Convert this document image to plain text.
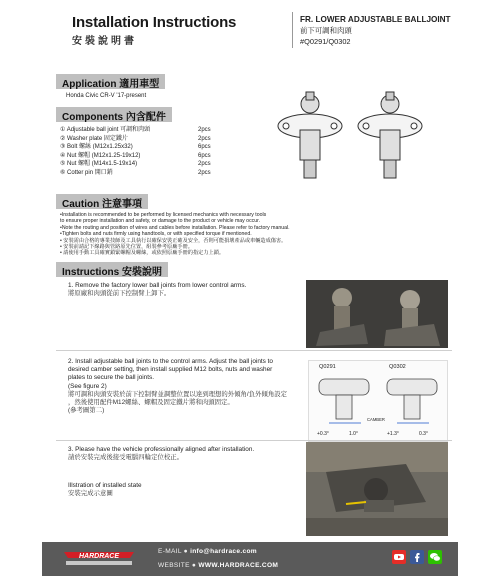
Installation Instructions
安裝說明書
FR. LOWER ADJUSTABLE BALLJOINT
前下可調和肉頭
#Q0291/Q0302
Application 適用車型
Honda Civic CR-V '17-present
Components 內含配件
① Adjustable ball joint 可調和肉頭	2pcs
② Washer plate 固定鐵片	2pcs
③ Bolt 螺絲 (M12x1.25x32)	6pcs
④ Nut 螺帽 (M12x1.25-19x12)	6pcs
⑤ Nut 螺帽 (M14x1.5-19x14)	2pcs
⑥ Cotter pin 開口銷	2pcs
Caution 注意事項
•Installation is recommended to be performed by licensed mechanics with necessary tools
to ensure proper installation and safety, or damage to the product or vehicle may occur.
•Note the routing and position of wires and cables before installation. Please refer to factory manual.
•Tighten bolts and nuts firmly using handtools, or with specified torque if mentioned.
• 安裝需由合格的專業技師及工具執行以確保安裝正確及安全，否則可能損壞產品或車輛造成傷害。
• 安裝前請記下線路與管路原先位置，組裝參考原廠手冊。
• 請使用手動工具確實鎖緊螺帽及螺絲，或依照原廠手冊的指定力上鎖。
Instructions 安裝說明
1. Remove the factory lower ball joints from lower control arms.
將原廠和肉頭從前下控制臂上卸下。
2. Install adjustable ball joints to the control arms. Adjust the ball joints to
desired camber setting, then install supplied M12 bolts, nuts and washer
plates to secure the ball joints.
(See figure 2)
將可調和肉頭安裝於前下控制臂並調整位置以達到理想的外傾角/負外傾角設定
，然後使用配件M12螺絲、螺帽及固定鐵片將和肉頭固定。
(參考圖第二)
Q0291	Q0302
CAMBER
+0.3°	1.0°	+1.3°	0.3°
3. Please have the vehicle professionally aligned after installation.
請於安裝完成後接受電腦四輪定位校正。
Illstration of installed state
安裝完成示意圖
HARDRACE
E-MAIL ● info@hardrace.com
WEBSITE ● WWW.HARDRACE.COM
